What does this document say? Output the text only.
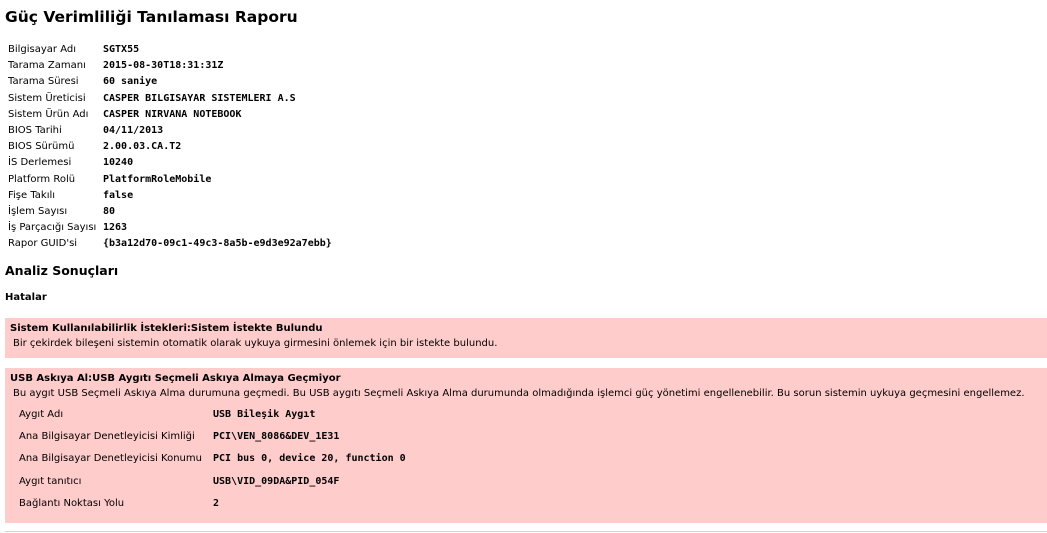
Güç Verimliliği Tanılaması Raporu
Bilgisayar Adı	SGTX55
Tarama Zamanı	2015-08-30T18:31:31Z
Tarama Süresi	60 saniye
Sistem Üreticisi	CASPER BILGISAYAR SISTEMLERI A.S
Sistem Ürün Adı	CASPER NIRVANA NOTEBOOK
BIOS Tarihi	04/11/2013
BIOS Sürümü	2.00.03.CA.T2
İS Derlemesi	10240
Platform Rolü	PlatformRoleMobile
Fişe Takılı	false
İşlem Sayısı	80
İş Parçacığı Sayısı	1263
Rapor GUID'si	{b3a12d70-09c1-49c3-8a5b-e9d3e92a7ebb}
Analiz Sonuçları
Hatalar
Sistem Kullanılabilirlik İstekleri:Sistem İstekte Bulundu
Bir çekirdek bileşeni sistemin otomatik olarak uykuya girmesini önlemek için bir istekte bulundu.
USB Askıya Al:USB Aygıtı Seçmeli Askıya Almaya Geçmiyor
Bu aygıt USB Seçmeli Askıya Alma durumuna geçmedi. Bu USB aygıtı Seçmeli Askıya Alma durumunda olmadığında işlemci güç yönetimi engellenebilir. Bu sorun sistemin uykuya geçmesini engellemez.
Aygıt Adı	USB Bileşik Aygıt
Ana Bilgisayar Denetleyicisi Kimliği	PCI\VEN_8086&DEV_1E31
Ana Bilgisayar Denetleyicisi Konumu	PCI bus 0, device 20, function 0
Aygıt tanıtıcı	USB\VID_09DA&PID_054F
Bağlantı Noktası Yolu	2
